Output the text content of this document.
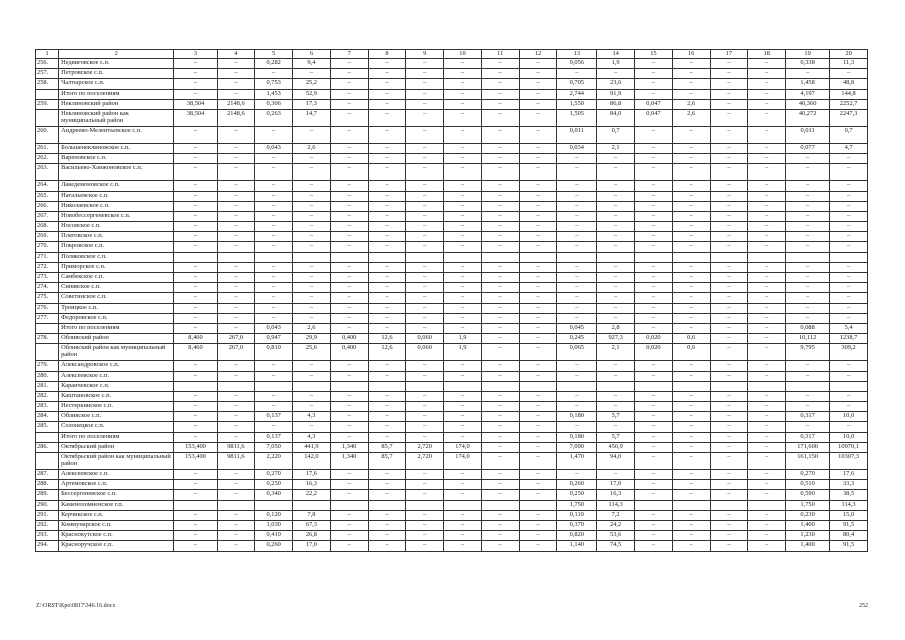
1	2	3	4	5	6	7	8	9	10	11	12	13	14	15	16	17	18	19	20
256.	Недвиговское с.п.	–	–	0,282	9,4	–	–	–	–	–	–	0,056	1,9	–	–	–	–	0,338	11,3
257.	Петровское с.п.	–	–	–	–	–	–	–	–	–	–	–	–	–	–	–	–	–	–
258.	Чалтырское с.п.	–	–	0,753	25,2	–	–	–	–	–	–	0,705	23,6	–	–	–	–	1,458	48,8
	Итого по поселениям	–	–	1,453	52,9	–	–	–	–	–	–	2,744	91,9	–	–	–	–	4,197	144,8
259.	Неклиновский район	38,504	2148,6	0,306	17,3	–	–	–	–	–	–	1,550	86,8	0,047	2,6	–	–	40,360	2252,7
	Неклиновский район как муниципальный район	38,504	2148,6	0,263	14,7	–	–	–	–	–	–	1,505	84,0	0,047	2,6	–	–	40,272	2247,3
260.	Андреево-Мелентьевское с.п.	–	–	–	–	–	–	–	–	–	–	0,011	0,7	–	–	–	–	0,011	0,7
261.	Большенеклиновское с.п.	–	–	0,043	2,6	–	–	–	–	–	–	0,034	2,1	–	–	–	–	0,077	4,7
262.	Вареновское с.п.	–	–	–	–	–	–	–	–	–	–	–	–	–	–	–	–	–	–
263.	Васильево-Ханжоновское с.п.	–	–	–	–	–	–	–	–	–	–	–	–	–	–	–	–	–	–
264.	Лакедемоновское с.п.	–	–	–	–	–	–	–	–	–	–	–	–	–	–	–	–	–	–
265.	Натальевское с.п.	–	–	–	–	–	–	–	–	–	–	–	–	–	–	–	–	–	–
266.	Николаевское с.п.	–	–	–	–	–	–	–	–	–	–	–	–	–	–	–	–	–	–
267.	Новобессергеневское с.п.	–	–	–	–	–	–	–	–	–	–	–	–	–	–	–	–	–	–
268.	Носовское с.п.	–	–	–	–	–	–	–	–	–	–	–	–	–	–	–	–	–	–
269.	Платовское с.п.	–	–	–	–	–	–	–	–	–	–	–	–	–	–	–	–	–	–
270.	Покровское с.п.	–	–	–	–	–	–	–	–	–	–	–	–	–	–	–	–	–	–
271.	Поляковское с.п.																		
272.	Приморское с.п.	–	–	–	–	–	–	–	–	–	–	–	–	–	–	–	–	–	–
273.	Самбекское с.п.	–	–	–	–	–	–	–	–	–	–	–	–	–	–	–	–	–	–
274.	Синявское с.п.	–	–	–	–	–	–	–	–	–	–	–	–	–	–	–	–	–	–
275.	Советинское с.п.	–	–	–	–	–	–	–	–	–	–	–	–	–	–	–	–	–	–
276.	Троицкое с.п.	–	–	–	–	–	–	–	–	–	–	–	–	–	–	–	–	–	–
277.	Федоровское с.п.	–	–	–	–	–	–	–	–	–	–	–	–	–	–	–	–	–	–
	Итого по поселениям	–	–	0,043	2,6	–	–	–	–	–	–	0,045	2,8	–	–	–	–	0,088	5,4
278.	Обливский район	8,460	267,0	0,947	29,9	0,400	12,6	0,060	1,9	–	–	0,245	927,3	0,020	0,6	–	–	10,112	1238,7
	Обливский район как муниципальный район	8,460	267,0	0,810	25,6	0,400	12,6	0,060	1,9	–	–	0,065	2,1	0,020	0,6	–	–	9,795	309,2
279.	Александровское с.п.	–	–	–	–	–	–	–	–	–	–	–	–	–	–	–	–	–	–
280.	Алексеевское с.п.	–	–	–	–	–	–	–	–	–	–	–	–	–	–	–	–	–	–
281.	Караичевское с.п.																		
282.	Каштановское с.п.	–	–	–	–	–	–	–	–	–	–	–	–	–	–	–	–	–	–
283.	Нестеркинское с.п.	–	–	–	–	–	–	–	–	–	–	–	–	–	–	–	–	–	–
284.	Обливское с.п.	–	–	0,137	4,3	–	–	–	–	–	–	0,180	5,7	–	–	–	–	0,317	10,0
285.	Солонецкое с.п.	–	–	–	–	–	–	–	–	–	–	–	–	–	–	–	–	–	–
	Итого по поселениям	–	–	0,137	4,3	–	–	–	–	–	–	0,180	5,7	–	–	–	–	0,317	10,0
286.	Октябрьский район	153,400	9811,6	7,050	441,9	1,340	85,7	2,720	174,0	–	–	7,090	456,9	–	–	–	–	171,600	10970,1
	Октябрьский район как муниципальный район	153,400	9811,6	2,220	142,0	1,340	85,7	2,720	174,0	–	–	1,470	94,0	–	–	–	–	161,150	10307,3
287.	Алексеевское с.п.	–	–	0,270	17,6	–	–	–	–	–	–	–	–	–	–	–	–	0,270	17,6
288.	Артемовское с.п.	–	–	0,250	16,3	–	–	–	–	–	–	0,260	17,0	–	–	–	–	0,510	33,3
289.	Бессергеневское с.п.	–	–	0,340	22,2	–	–	–	–	–	–	0,250	16,3	–	–	–	–	0,590	38,5
290.	Каменоломненское г.п.											1,750	114,3					1,750	114,3
291.	Керчикское с.п.	–	–	0,120	7,8	–	–	–	–	–	–	0,110	7,2	–	–	–	–	0,230	15,0
292.	Коммунарское с.п.	–	–	1,030	67,3	–	–	–	–	–	–	0,370	24,2	–	–	–	–	1,400	91,5
293.	Краснокутское с.п.	–	–	0,410	26,8	–	–	–	–	–	–	0,820	53,6	–	–	–	–	1,230	80,4
294.	Красноручское с.п.	–	–	0,260	17,0	–	–	–	–	–	–	1,140	74,5	–	–	–	–	1,400	91,5
Z:\ORST\Kpo\0817\346.16.docx	252
